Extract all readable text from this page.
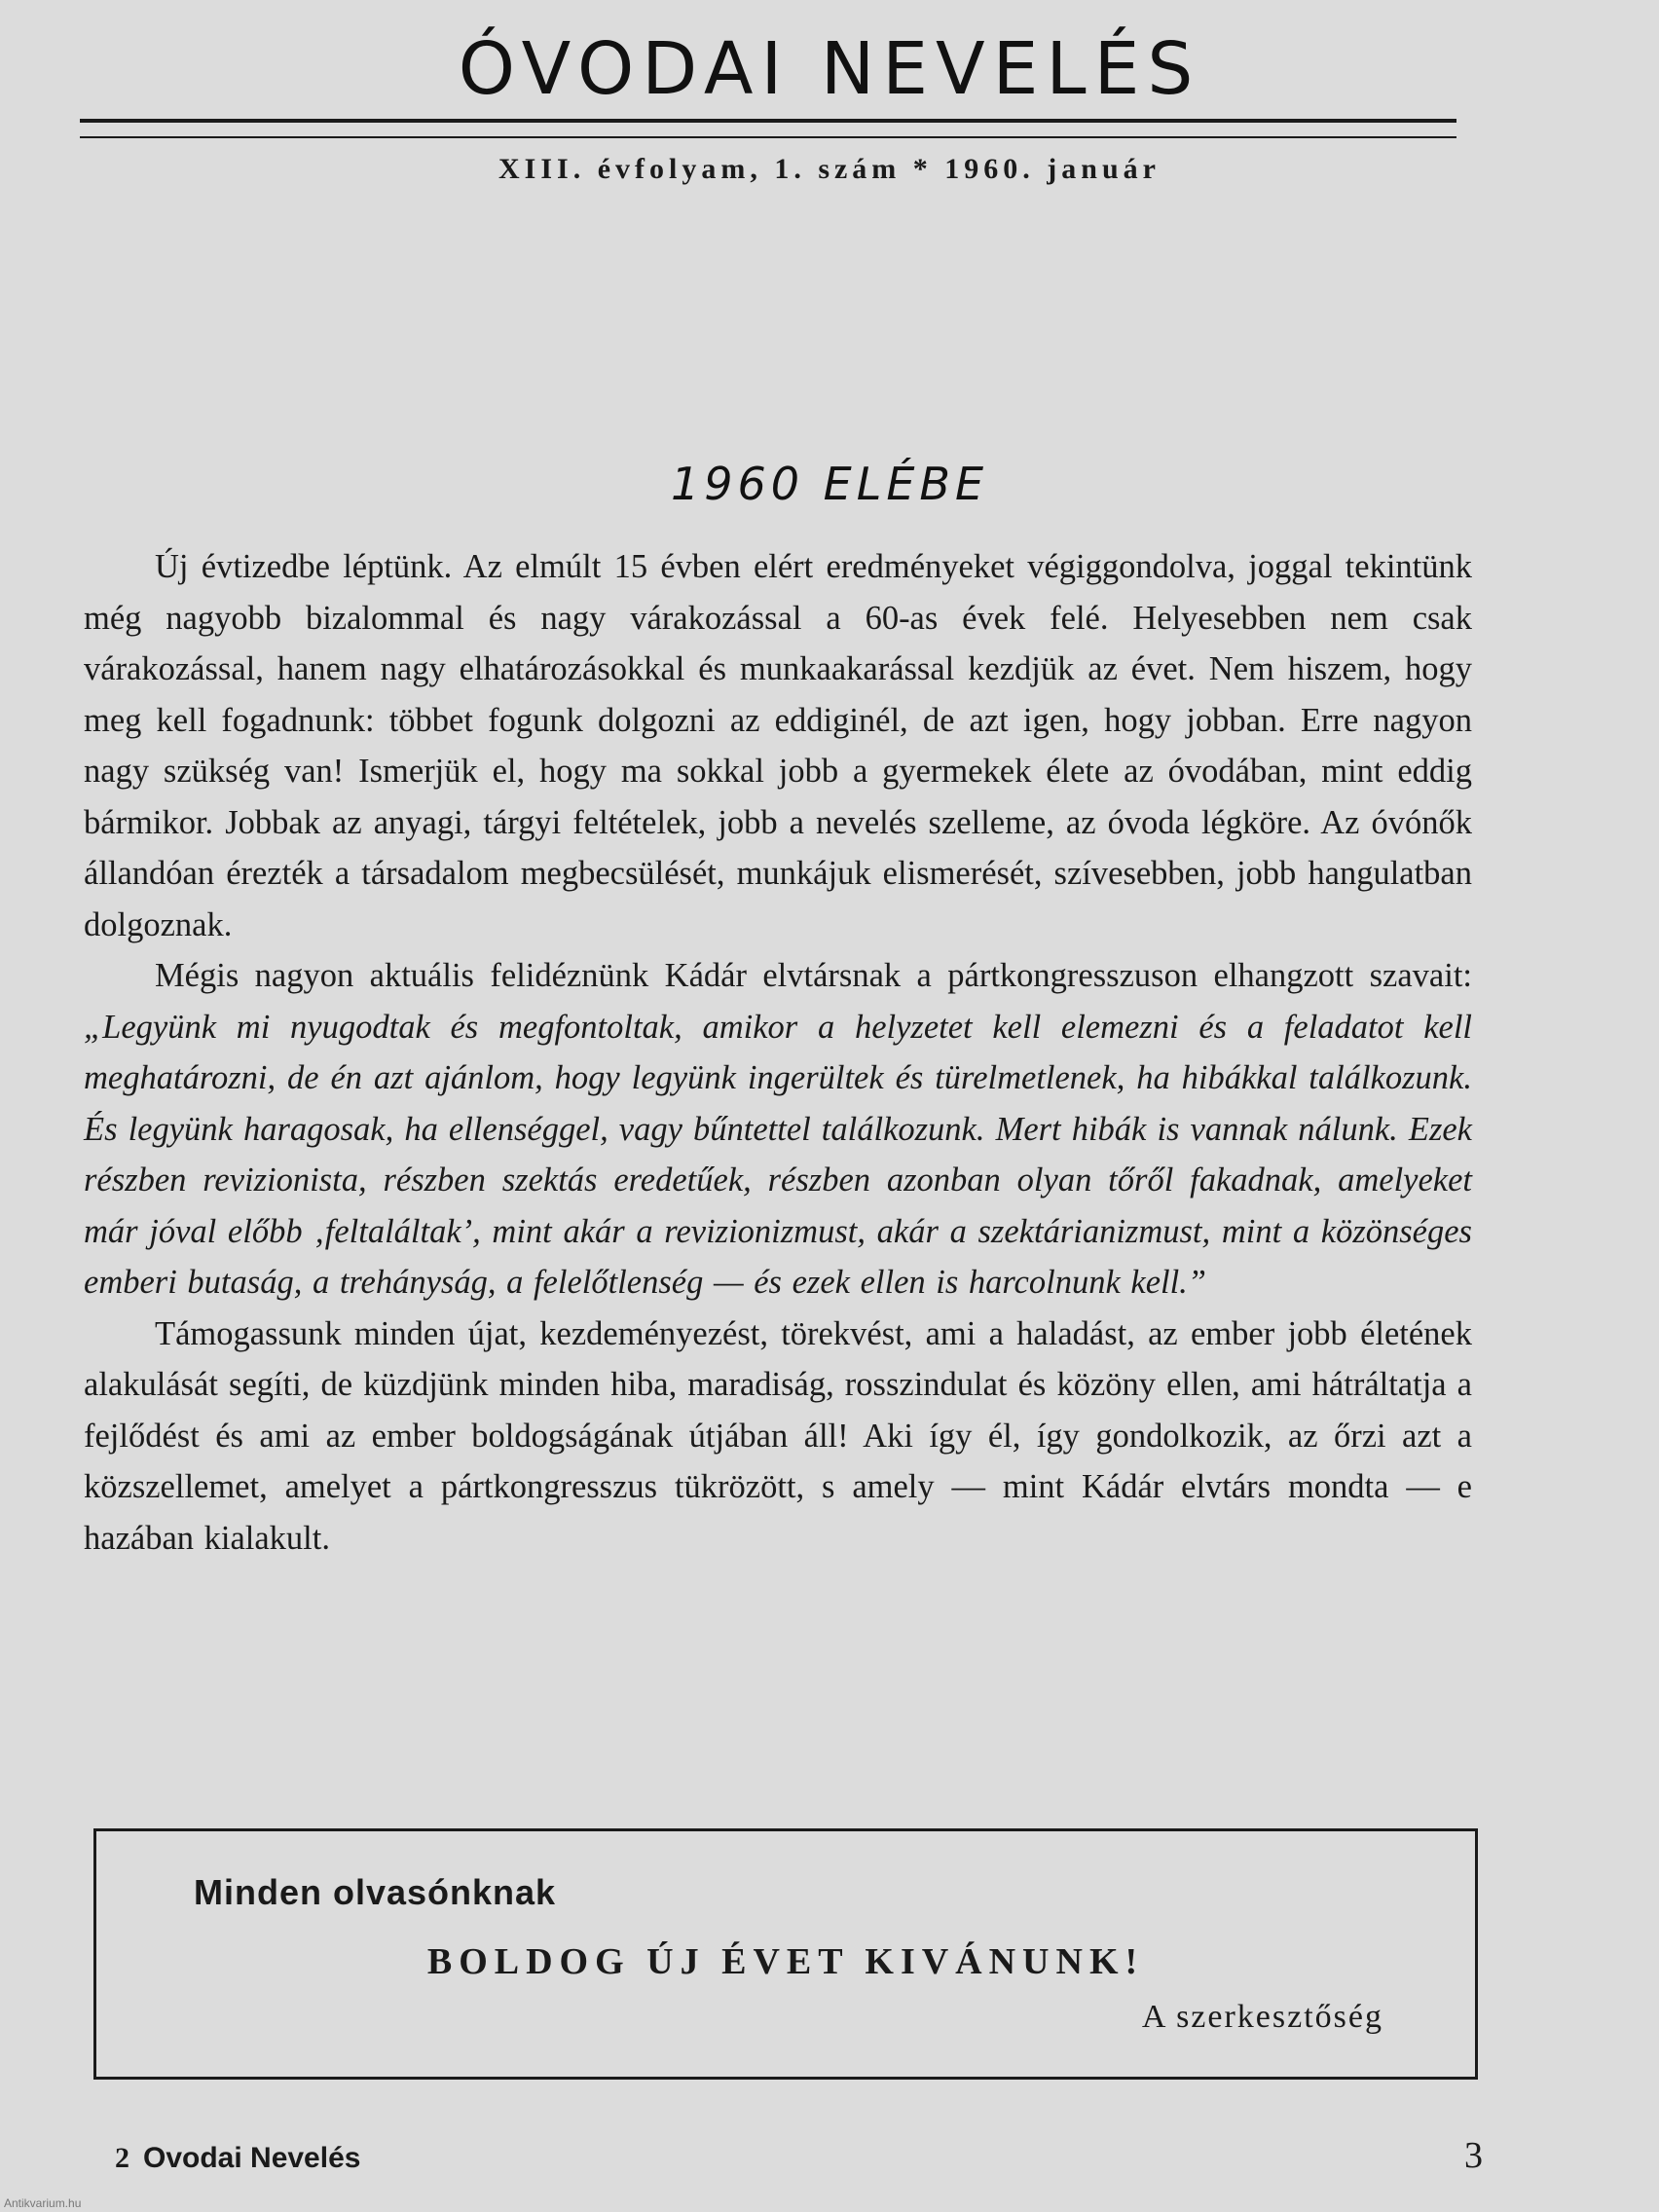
ÓVODAI NEVELÉS
XIII. évfolyam, 1. szám * 1960. január
1960 ELÉBE

Új évtizedbe léptünk. Az elmúlt 15 évben elért eredményeket végiggondolva, joggal tekintünk még nagyobb bizalommal és nagy várakozással a 60-as évek felé. Helyesebben nem csak várakozással, hanem nagy elhatározásokkal és munkaakarással kezdjük az évet. Nem hiszem, hogy meg kell fogadnunk: többet fogunk dolgozni az eddiginél, de azt igen, hogy jobban. Erre nagyon nagy szükség van! Ismerjük el, hogy ma sokkal jobb a gyermekek élete az óvodában, mint eddig bármikor. Jobbak az anyagi, tárgyi feltételek, jobb a nevelés szelleme, az óvoda légköre. Az óvónők állandóan érezték a társadalom megbecsülését, munkájuk elismerését, szívesebben, jobb hangulatban dolgoznak.

Mégis nagyon aktuális felidéznünk Kádár elvtársnak a pártkongresszuson elhangzott szavait: „Legyünk mi nyugodtak és megfontoltak, amikor a helyzetet kell elemezni és a feladatot kell meghatározni, de én azt ajánlom, hogy legyünk ingerültek és türelmetlenek, ha hibákkal találkozunk. És legyünk haragosak, ha ellenséggel, vagy bűntettel találkozunk. Mert hibák is vannak nálunk. Ezek részben revizionista, részben szektás eredetűek, részben azonban olyan tőről fakadnak, amelyeket már jóval előbb ‚feltaláltak’, mint akár a revizionizmust, akár a szektárianizmust, mint a közönséges emberi butaság, a trehányság, a felelőtlenség — és ezek ellen is harcolnunk kell.”

Támogassunk minden újat, kezdeményezést, törekvést, ami a haladást, az ember jobb életének alakulását segíti, de küzdjünk minden hiba, maradiság, rosszindulat és közöny ellen, ami hátráltatja a fejlődést és ami az ember boldogságának útjában áll! Aki így él, így gondolkozik, az őrzi azt a közszellemet, amelyet a pártkongresszus tükrözött, s amely — mint Kádár elvtárs mondta — e hazában kialakult.

Minden olvasónknak
BOLDOG ÚJ ÉVET KIVÁNUNK!
A szerkesztőség
2 Ovodai Nevelés	3
Antikvarium.hu
